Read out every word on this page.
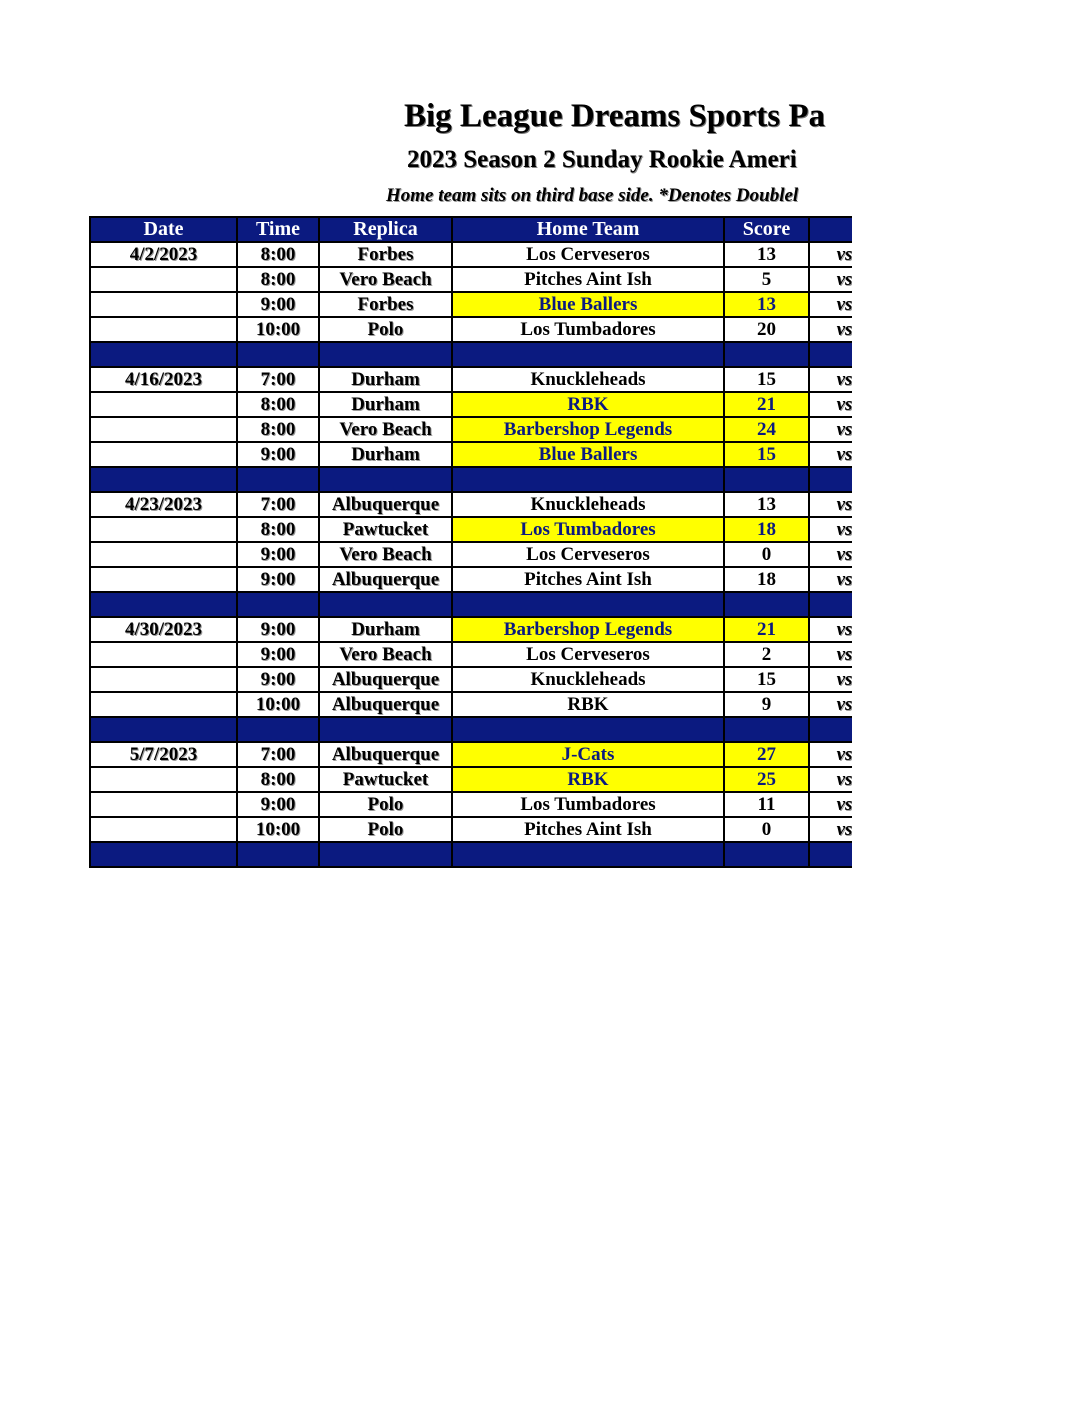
Big League Dreams Sports Pa
2023 Season 2 Sunday Rookie Ameri
Home team sits on third base side. *Denotes Doublel
Date	Time	Replica	Home Team	Score	
4/2/2023	8:00	Forbes	Los Cerveseros	13	vs
	8:00	Vero Beach	Pitches Aint Ish	5	vs
	9:00	Forbes	Blue Ballers	13	vs
	10:00	Polo	Los Tumbadores	20	vs

4/16/2023	7:00	Durham	Knuckleheads	15	vs
	8:00	Durham	RBK	21	vs
	8:00	Vero Beach	Barbershop Legends	24	vs
	9:00	Durham	Blue Ballers	15	vs

4/23/2023	7:00	Albuquerque	Knuckleheads	13	vs
	8:00	Pawtucket	Los Tumbadores	18	vs
	9:00	Vero Beach	Los Cerveseros	0	vs
	9:00	Albuquerque	Pitches Aint Ish	18	vs

4/30/2023	9:00	Durham	Barbershop Legends	21	vs
	9:00	Vero Beach	Los Cerveseros	2	vs
	9:00	Albuquerque	Knuckleheads	15	vs
	10:00	Albuquerque	RBK	9	vs

5/7/2023	7:00	Albuquerque	J-Cats	27	vs
	8:00	Pawtucket	RBK	25	vs
	9:00	Polo	Los Tumbadores	11	vs
	10:00	Polo	Pitches Aint Ish	0	vs
